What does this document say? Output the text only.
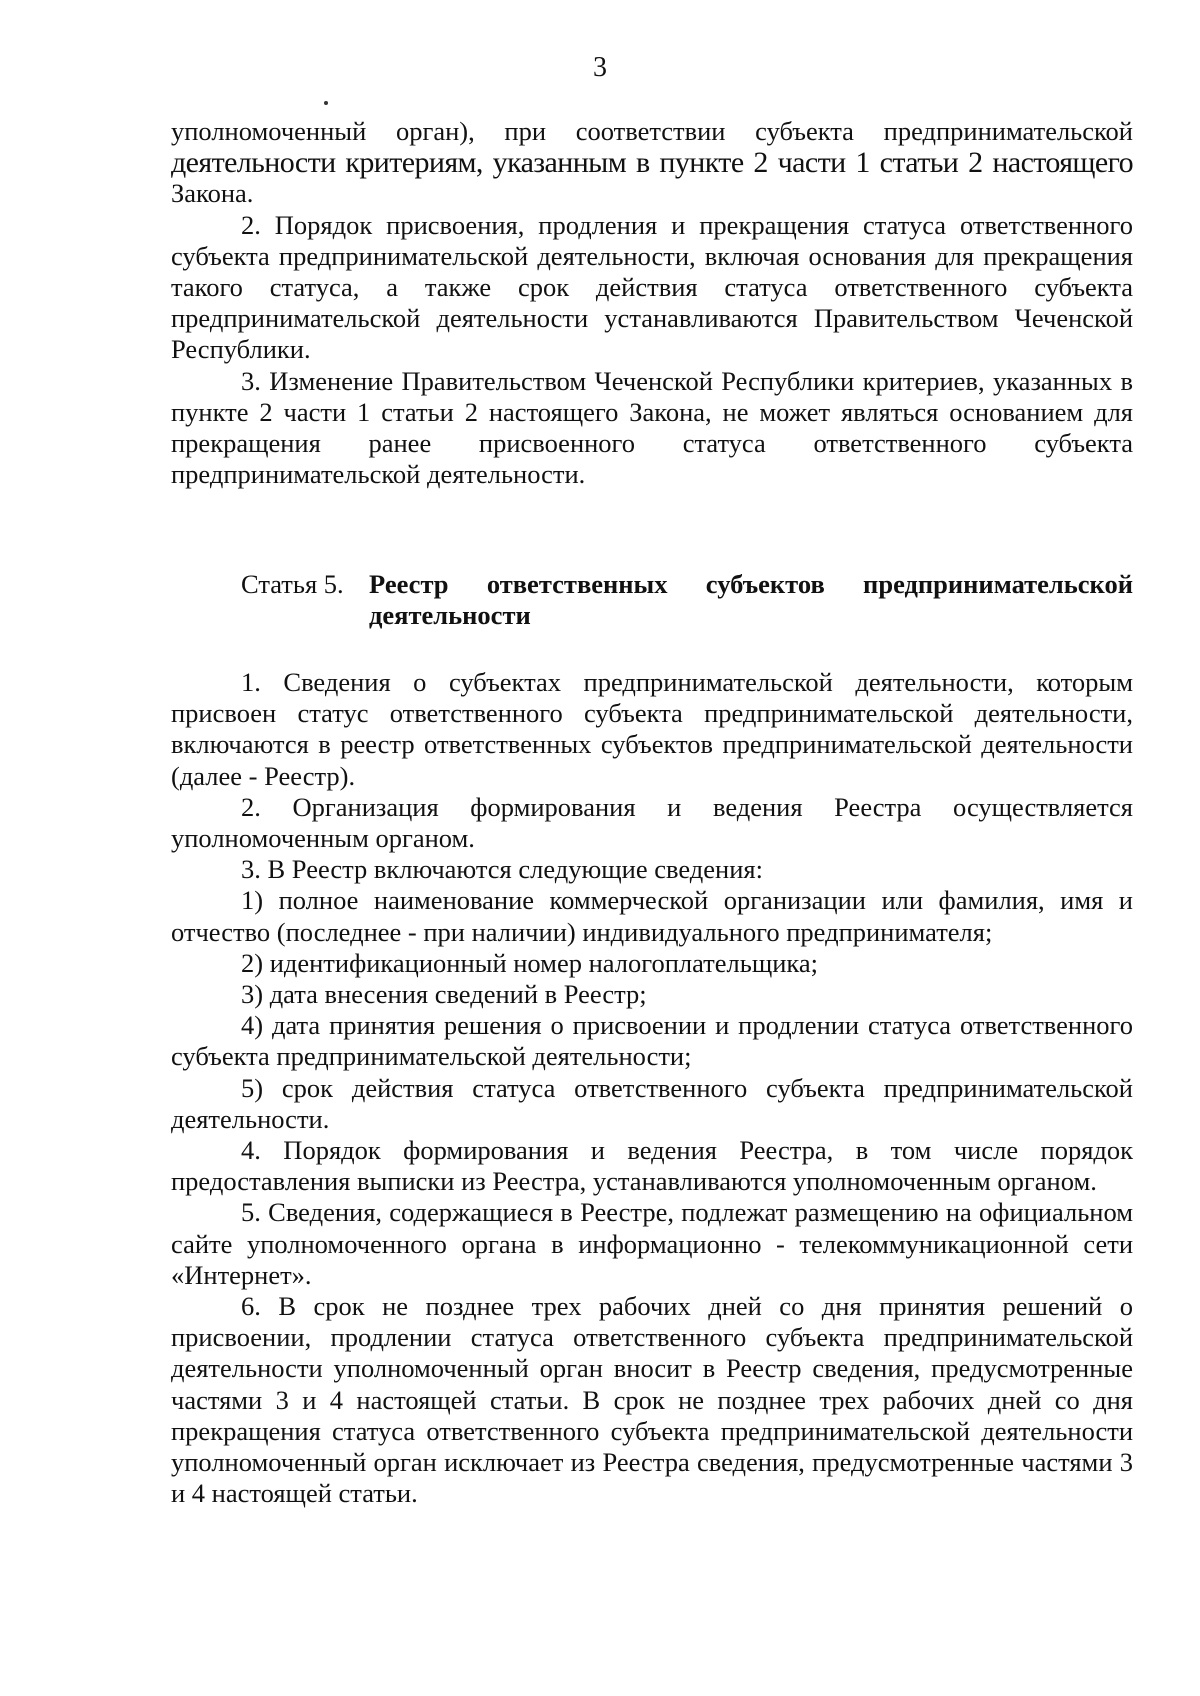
3

уполномоченный орган), при соответствии субъекта предпринимательской

деятельности критериям, указанным в пункте 2 части 1 статьи 2 настоящего

Закона.

2. Порядок присвоения, продления и прекращения статуса ответственного субъекта предпринимательской деятельности, включая основания для прекращения такого статуса, а также срок действия статуса ответственного субъекта предпринимательской деятельности устанавливаются Правительством Чеченской Республики.

3. Изменение Правительством Чеченской Республики критериев, указанных в пункте 2 части 1 статьи 2 настоящего Закона, не может являться основанием для прекращения ранее присвоенного статуса ответственного субъекта предпринимательской деятельности.

Статья 5. Реестр ответственных субъектов предпринимательской деятельности

1. Сведения о субъектах предпринимательской деятельности, которым присвоен статус ответственного субъекта предпринимательской деятельности, включаются в реестр ответственных субъектов предпринимательской деятельности (далее - Реестр).

2. Организация формирования и ведения Реестра осуществляется уполномоченным органом.

3. В Реестр включаются следующие сведения:

1) полное наименование коммерческой организации или фамилия, имя и отчество (последнее - при наличии) индивидуального предпринимателя;

2) идентификационный номер налогоплательщика;

3) дата внесения сведений в Реестр;

4) дата принятия решения о присвоении и продлении статуса ответственного субъекта предпринимательской деятельности;

5) срок действия статуса ответственного субъекта предпринимательской деятельности.

4. Порядок формирования и ведения Реестра, в том числе порядок предоставления выписки из Реестра, устанавливаются уполномоченным органом.

5. Сведения, содержащиеся в Реестре, подлежат размещению на официальном сайте уполномоченного органа в информационно - телекоммуникационной сети «Интернет».

6. В срок не позднее трех рабочих дней со дня принятия решений о присвоении, продлении статуса ответственного субъекта предпринимательской деятельности уполномоченный орган вносит в Реестр сведения, предусмотренные частями 3 и 4 настоящей статьи. В срок не позднее трех рабочих дней со дня прекращения статуса ответственного субъекта предпринимательской деятельности уполномоченный орган исключает из Реестра сведения, предусмотренные частями 3 и 4 настоящей статьи.
